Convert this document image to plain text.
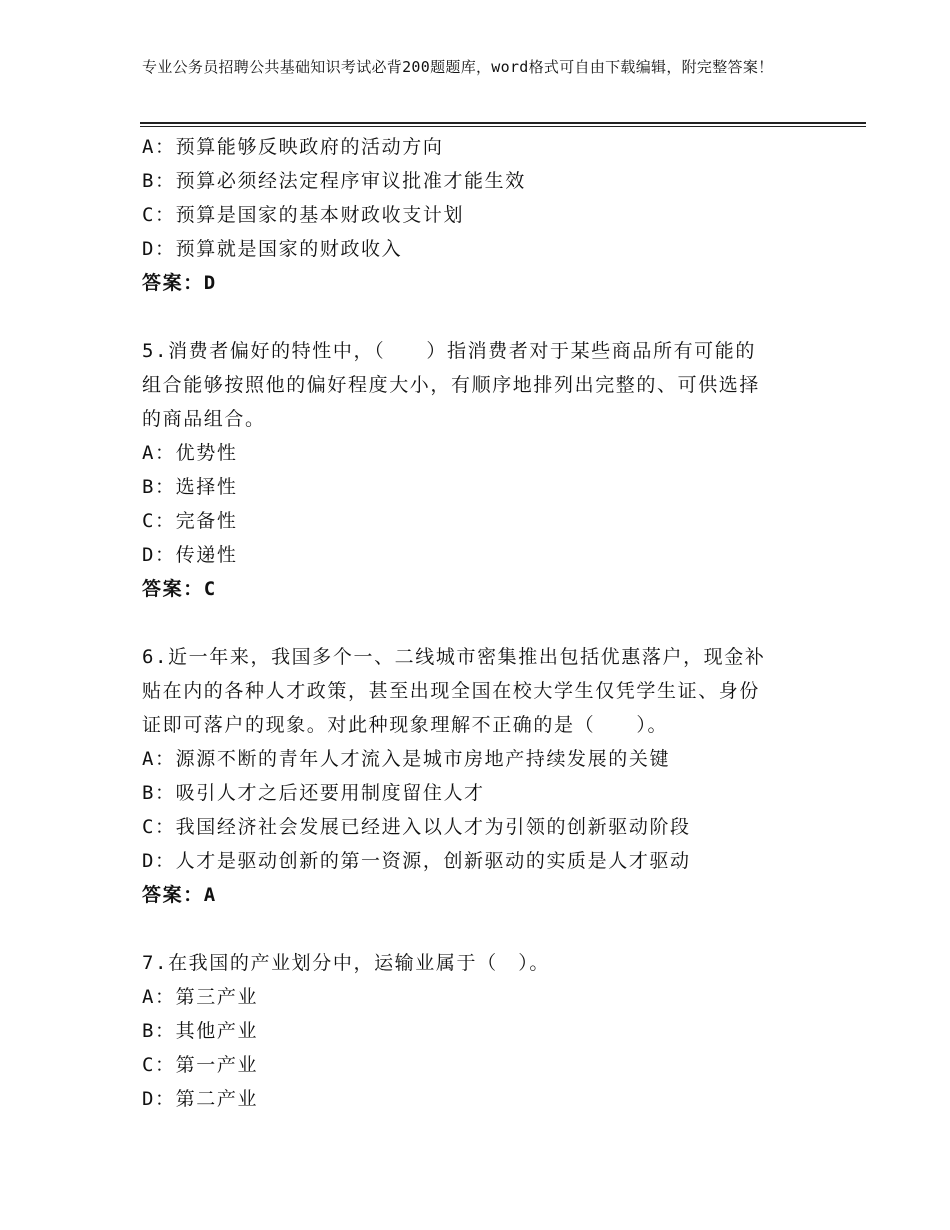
专业公务员招聘公共基础知识考试必背200题题库，word格式可自由下载编辑，附完整答案！
A：预算能够反映政府的活动方向
B：预算必须经法定程序审议批准才能生效
C：预算是国家的基本财政收支计划
D：预算就是国家的财政收入
答案：D
5.消费者偏好的特性中，（　　）指消费者对于某些商品所有可能的
组合能够按照他的偏好程度大小，有顺序地排列出完整的、可供选择
的商品组合。
A：优势性
B：选择性
C：完备性
D：传递性
答案：C
6.近一年来，我国多个一、二线城市密集推出包括优惠落户，现金补
贴在内的各种人才政策，甚至出现全国在校大学生仅凭学生证、身份
证即可落户的现象。对此种现象理解不正确的是（　　）。
A：源源不断的青年人才流入是城市房地产持续发展的关键
B：吸引人才之后还要用制度留住人才
C：我国经济社会发展已经进入以人才为引领的创新驱动阶段
D：人才是驱动创新的第一资源，创新驱动的实质是人才驱动
答案：A
7.在我国的产业划分中，运输业属于（　）。
A：第三产业
B：其他产业
C：第一产业
D：第二产业
